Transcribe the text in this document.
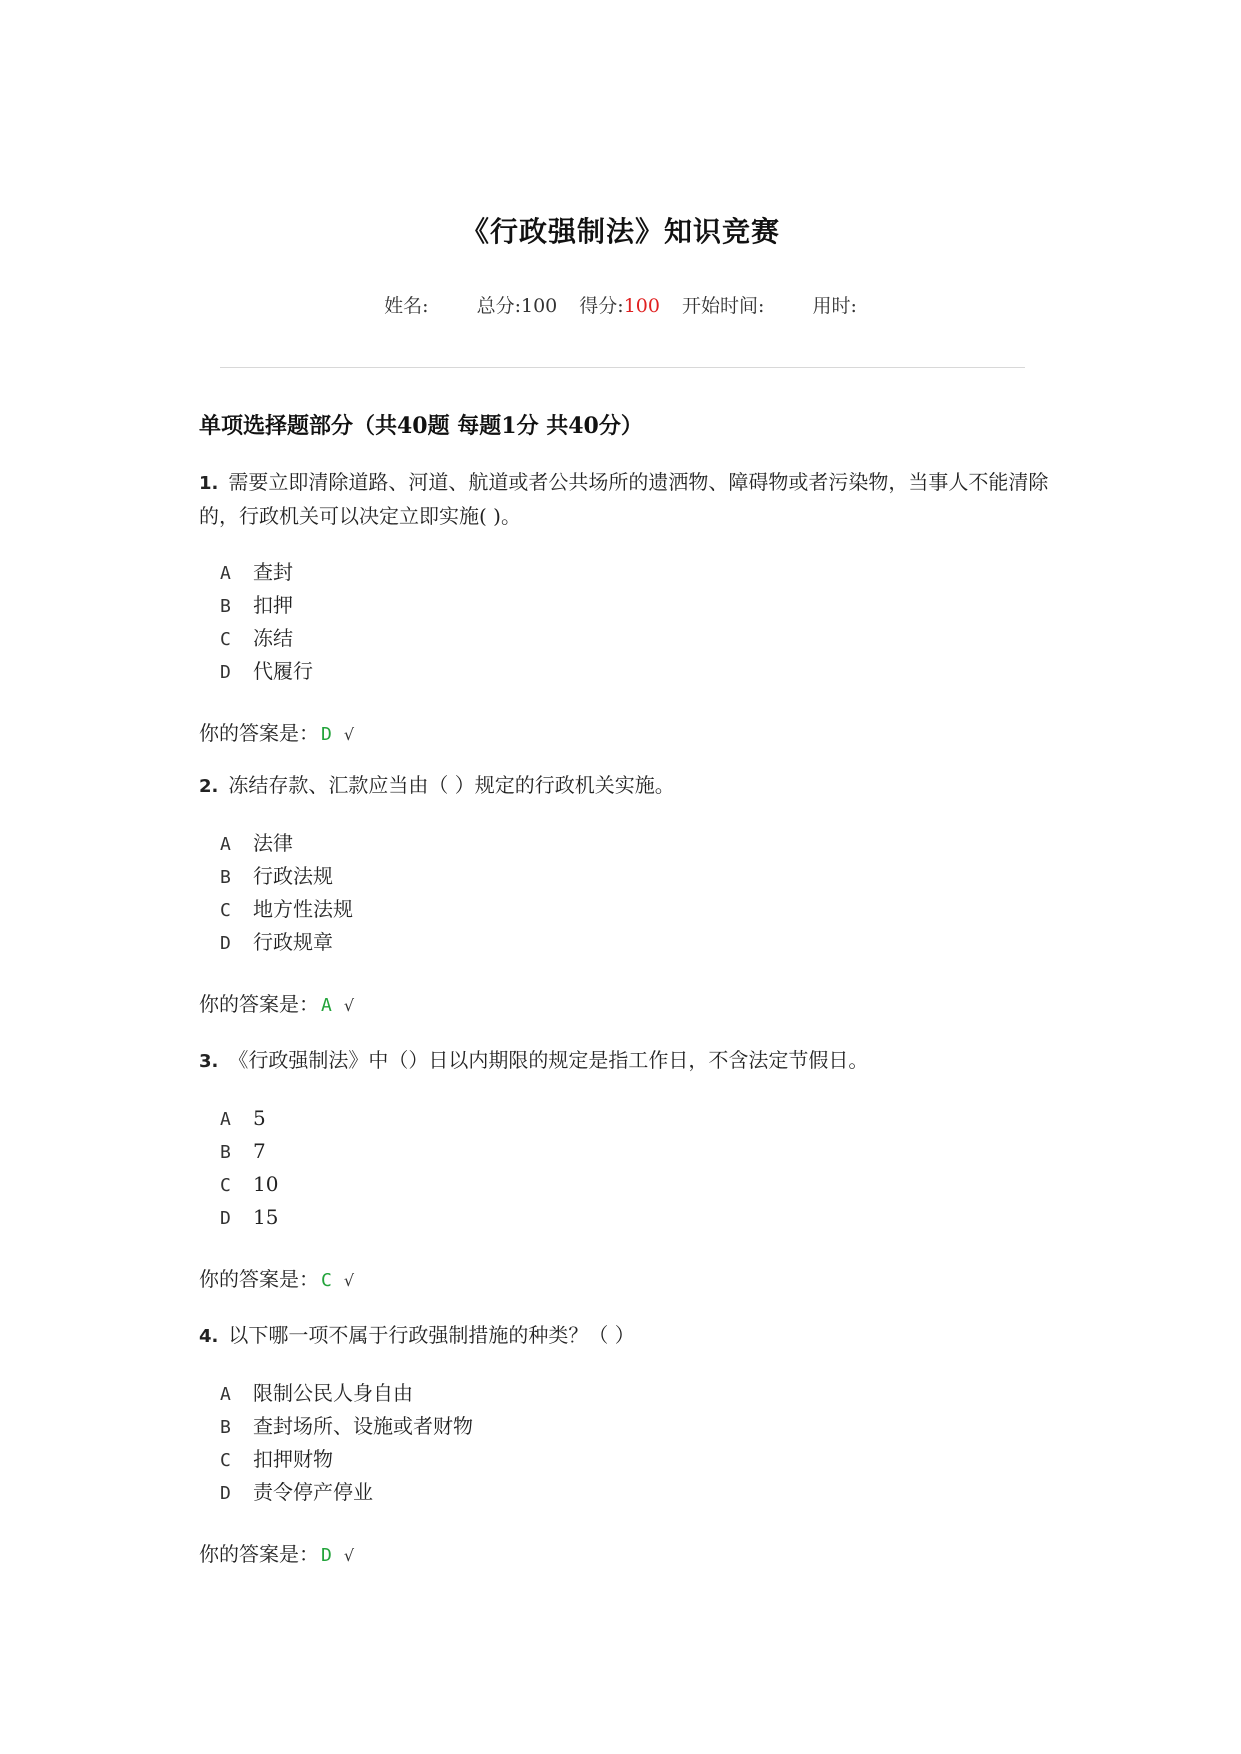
《行政强制法》知识竞赛
姓名:	总分:100 得分:100 开始时间:	用时:
单项选择题部分（共40题 每题1分 共40分）
1. 需要立即清除道路、河道、航道或者公共场所的遗洒物、障碍物或者污染物，当事人不能清除的，行政机关可以决定立即实施( )。
A 查封
B 扣押
C 冻结
D 代履行
你的答案是： D √
2. 冻结存款、汇款应当由（ ）规定的行政机关实施。
A 法律
B 行政法规
C 地方性法规
D 行政规章
你的答案是： A √
3. 《行政强制法》中（）日以内期限的规定是指工作日，不含法定节假日。
A 5
B 7
C 10
D 15
你的答案是： C √
4. 以下哪一项不属于行政强制措施的种类？（ ）
A 限制公民人身自由
B 查封场所、设施或者财物
C 扣押财物
D 责令停产停业
你的答案是： D √
